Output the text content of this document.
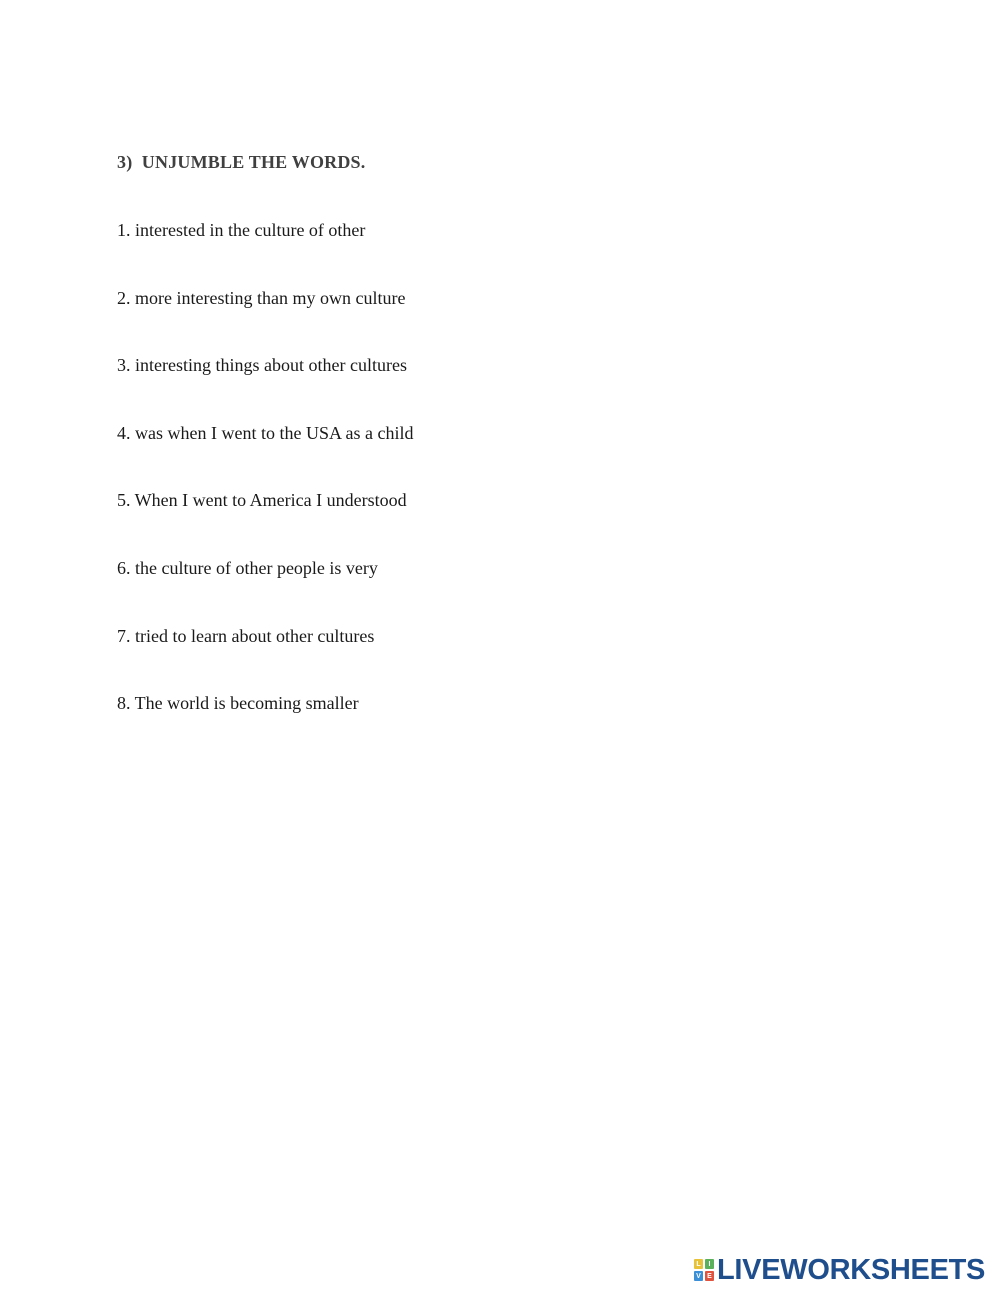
3)  UNJUMBLE THE WORDS.
1. interested in the culture of other
2. more interesting than my own culture
3. interesting things about other cultures
4. was when I went to the USA as a child
5. When I went to America I understood
6. the culture of other people is very
7. tried to learn about other cultures
8. The world is becoming smaller
L	I
V E LIVEWORKSHEETS
